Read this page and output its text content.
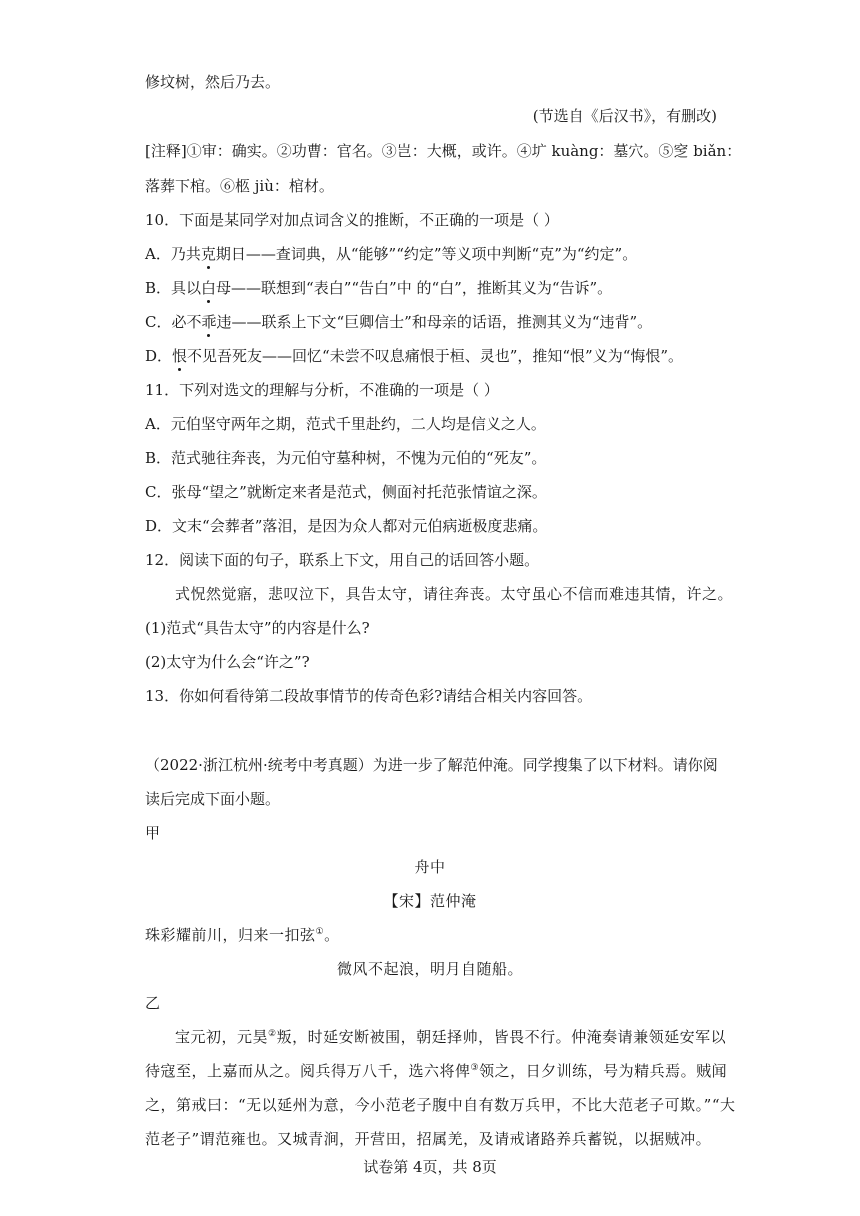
修坟树，然后乃去。
(节选自《后汉书》，有删改)
[注释]①审：确实。②功曹：官名。③岂：大概，或许。④圹 kuàng：墓穴。⑤窆 biǎn：
落葬下棺。⑥柩 jiù：棺材。
10．下面是某同学对加点词含义的推断，不正确的一项是（ ）
A．乃共克期日——查词典，从“能够”“约定”等义项中判断“克”为“约定”。
B．具以白母——联想到“表白”“告白”中 的“白”，推断其义为“告诉”。
C．必不乖违——联系上下文“巨卿信士”和母亲的话语，推测其义为“违背”。
D．恨不见吾死友——回忆“未尝不叹息痛恨于桓、灵也”，推知“恨”义为“悔恨”。
11．下列对选文的理解与分析，不准确的一项是（ ）
A．元伯坚守两年之期，范式千里赴约，二人均是信义之人。
B．范式驰往奔丧，为元伯守墓种树，不愧为元伯的“死友”。
C．张母“望之”就断定来者是范式，侧面衬托范张情谊之深。
D．文末“会葬者”落泪，是因为众人都对元伯病逝极度悲痛。
12．阅读下面的句子，联系上下文，用自己的话回答小题。
式怳然觉寤，悲叹泣下，具告太守，请往奔丧。太守虽心不信而难违其情，许之。
(1)范式“具告太守”的内容是什么?
(2)太守为什么会“许之”?
13．你如何看待第二段故事情节的传奇色彩?请结合相关内容回答。
（2022·浙江杭州·统考中考真题）为进一步了解范仲淹。同学搜集了以下材料。请你阅
读后完成下面小题。
甲
舟中
【宋】范仲淹
珠彩耀前川，归来一扣弦①。
微风不起浪，明月自随船。
乙
宝元初，元昊②叛，时延安断被围，朝廷择帅，皆畏不行。仲淹奏请兼领延安军以
待寇至，上嘉而从之。阅兵得万八千，选六将俾③领之，日夕训练，号为精兵焉。贼闻
之，第戒曰：“无以延州为意，今小范老子腹中自有数万兵甲，不比大范老子可欺。”“大
范老子”谓范雍也。又城青涧，开营田，招属羌，及请戒诸路养兵蓄锐，以据贼冲。
试卷第 4页，共 8页
